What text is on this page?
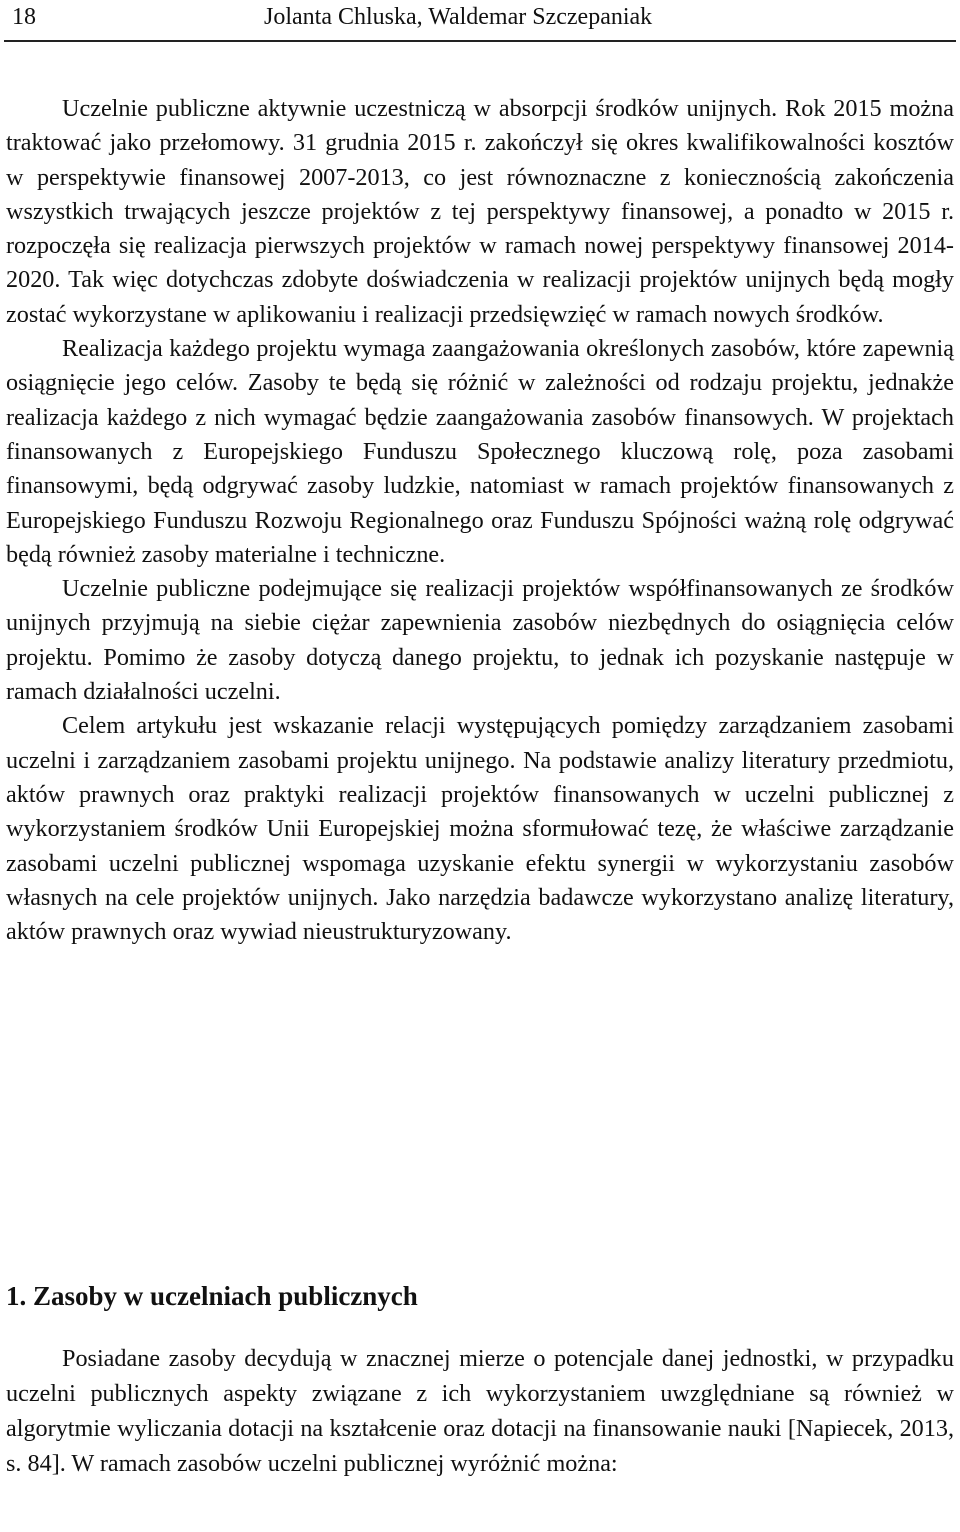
18	Jolanta Chluska, Waldemar Szczepaniak

Uczelnie publiczne aktywnie uczestniczą w absorpcji środków unijnych. Rok 2015 można traktować jako przełomowy. 31 grudnia 2015 r. zakończył się okres kwalifikowalności kosztów w perspektywie finansowej 2007-2013, co jest równoznaczne z koniecznością zakończenia wszystkich trwających jeszcze projektów z tej perspektywy finansowej, a ponadto w 2015 r. rozpoczęła się realizacja pierwszych projektów w ramach nowej perspektywy finansowej 2014-2020. Tak więc dotychczas zdobyte doświadczenia w realizacji projektów unijnych będą mogły zostać wykorzystane w aplikowaniu i realizacji przedsięwzięć w ramach nowych środków.

Realizacja każdego projektu wymaga zaangażowania określonych zasobów, które zapewnią osiągnięcie jego celów. Zasoby te będą się różnić w zależności od rodzaju projektu, jednakże realizacja każdego z nich wymagać będzie zaangażowania zasobów finansowych. W projektach finansowanych z Europejskiego Funduszu Społecznego kluczową rolę, poza zasobami finansowymi, będą odgrywać zasoby ludzkie, natomiast w ramach projektów finansowanych z Europejskiego Funduszu Rozwoju Regionalnego oraz Funduszu Spójności ważną rolę odgrywać będą również zasoby materialne i techniczne.

Uczelnie publiczne podejmujące się realizacji projektów współfinansowanych ze środków unijnych przyjmują na siebie ciężar zapewnienia zasobów niezbędnych do osiągnięcia celów projektu. Pomimo że zasoby dotyczą danego projektu, to jednak ich pozyskanie następuje w ramach działalności uczelni.

Celem artykułu jest wskazanie relacji występujących pomiędzy zarządzaniem zasobami uczelni i zarządzaniem zasobami projektu unijnego. Na podstawie analizy literatury przedmiotu, aktów prawnych oraz praktyki realizacji projektów finansowanych w uczelni publicznej z wykorzystaniem środków Unii Europejskiej można sformułować tezę, że właściwe zarządzanie zasobami uczelni publicznej wspomaga uzyskanie efektu synergii w wykorzystaniu zasobów własnych na cele projektów unijnych. Jako narzędzia badawcze wykorzystano analizę literatury, aktów prawnych oraz wywiad nieustrukturyzowany.

1. Zasoby w uczelniach publicznych

Posiadane zasoby decydują w znacznej mierze o potencjale danej jednostki, w przypadku uczelni publicznych aspekty związane z ich wykorzystaniem uwzględniane są również w algorytmie wyliczania dotacji na kształcenie oraz dotacji na finansowanie nauki [Napiecek, 2013, s. 84]. W ramach zasobów uczelni publicznej wyróżnić można:
